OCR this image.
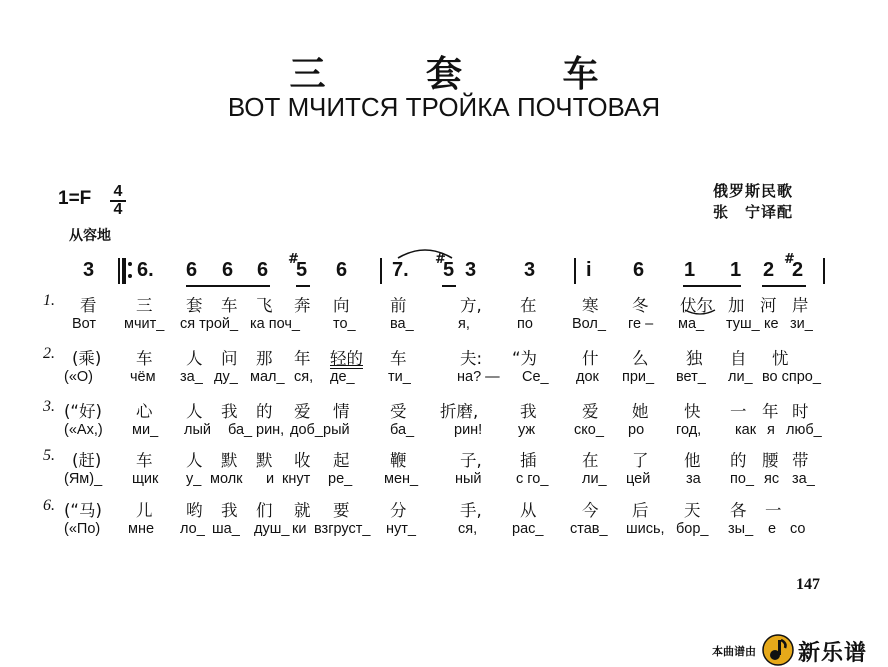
三 套 车
ВОТ МЧИТСЯ ТРОЙКА ПОЧТОВАЯ
1=F 4
4
从容地
俄罗斯民歌
张　宁译配
3 6. 6 6 6 #
5 6 7. #
5 3 3	i 6 1 1 2 #
2
1. 看 三 套 车 飞 奔 向 前	方, 在	寒 冬 伏尔 加 河 岸
Вот мчит_ ся трой_ ка поч_ то_ ва_	я,	по	Вол_ ге – ма_ туш_ ке зи_
2. (乘) 车 人 问 那 年 轻的 车	夫: “为	什 么 独 自 忧
(«О)	чём за_ ду_ мал_ ся, де_ ти_	на? — Се_ док при_ вет_ ли_ во спро_
3. (“好) 心 人 我 的 爱 情 受 折磨,	我	爱 她 快 一 年 时
(«Ах,) ми_ лый ба_ рин, доб_ рый	ба_	рин! уж	ско_ ро год, как я люб_
5. (赶) 车 人 默 默 收 起 鞭	子, 插	在 了 他 的 腰 带
(Ям)_ щик у_ молк и кнут ре_ мен_	ный с го_ ли_ цей за по_ яс за_
6. (“马) 儿 哟 我 们 就 要 分	手, 从	今 后 天 各 一
(«По) мне ло_ ша_ душ_ ки взгруст_ нут_	ся, рас_ став_ шись, бор_ зы_ е со
147
本曲谱由 新乐谱
